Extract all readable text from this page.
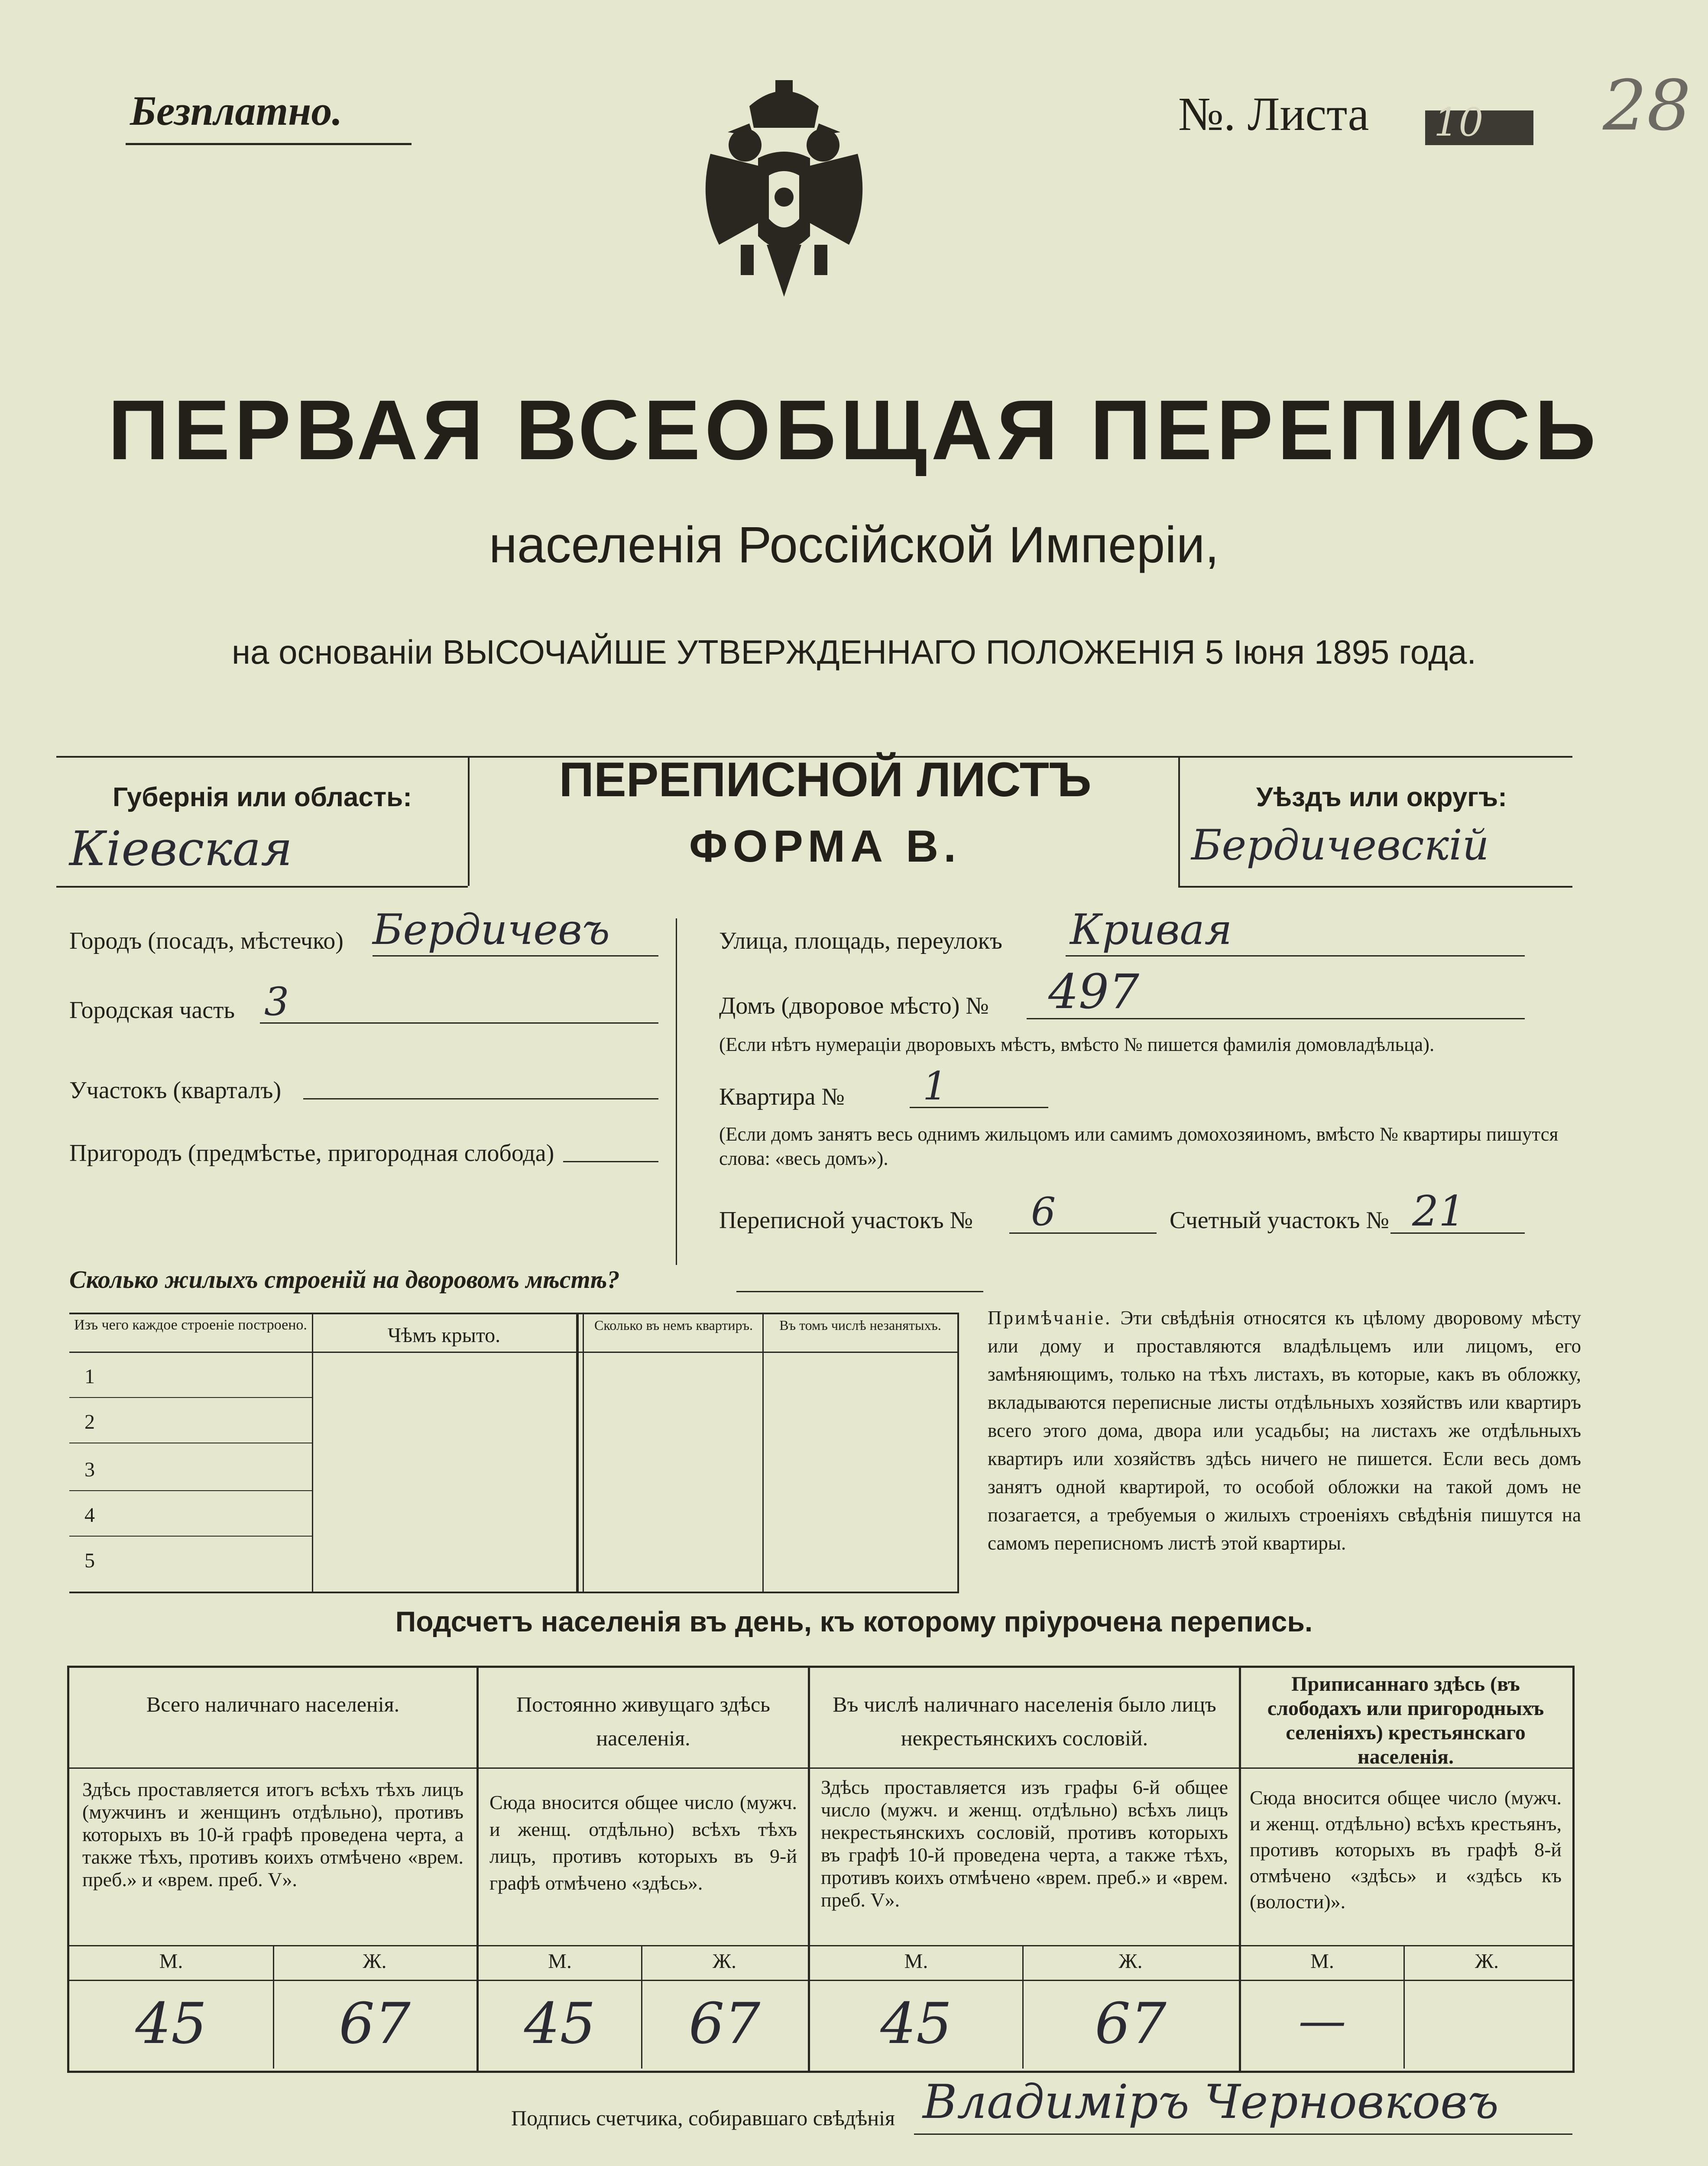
Безплатно.	№. Листа 10 28
ПЕРВАЯ ВСЕОБЩАЯ ПЕРЕПИСЬ
населенія Россійской Имперіи,
на основаніи ВЫСОЧАЙШЕ УТВЕРЖДЕННАГО ПОЛОЖЕНІЯ 5 Іюня 1895 года.
Губернія или область:
Кіевская
ПЕРЕПИСНОЙ ЛИСТЪ
ФОРМА В.
Уѣздъ или округъ:
Бердичевскій
Городъ (посадъ, мѣстечко) Бердичевъ
Городская часть 3
Участокъ (кварталъ)
Пригородъ (предмѣстье, пригородная слобода)
Улица, площадь, переулокъ Кривая
Домъ (дворовое мѣсто) № 497
(Если нѣтъ нумераціи дворовыхъ мѣстъ, вмѣсто № пишется фамилія домовладѣльца).
Квартира № 1
(Если домъ занятъ весь однимъ жильцомъ или самимъ домохозяиномъ, вмѣсто № квартиры пишутся слова: «весь домъ»).
Переписной участокъ № 6	Счетный участокъ № 21
Сколько жилыхъ строеній на дворовомъ мѣстѣ?
Изъ чего каждое строеніе построено.	Чѣмъ крыто.	Сколько въ немъ квартиръ.	Въ томъ числѣ незанятыхъ.
1
2
3
4
5
Примѣчаніе. Эти свѣдѣнія относятся къ цѣлому дворовому мѣсту или дому и проставляются владѣльцемъ или лицомъ, его замѣняющимъ, только на тѣхъ листахъ, въ которые, какъ въ обложку, вкладываются переписные листы отдѣльныхъ хозяйствъ или квартиръ всего этого дома, двора или усадьбы; на листахъ же отдѣльныхъ квартиръ или хозяйствъ здѣсь ничего не пишется. Если весь домъ занятъ одной квартирой, то особой обложки на такой домъ не позагается, а требуемыя о жилыхъ строеніяхъ свѣдѣнія пишутся на самомъ переписномъ листѣ этой квартиры.
Подсчетъ населенія въ день, къ которому пріурочена перепись.
Всего наличнаго населенія.
Здѣсь проставляется итогъ всѣхъ тѣхъ лицъ (мужчинъ и женщинъ отдѣльно), противъ которыхъ въ 10-й графѣ проведена черта, а также тѣхъ, противъ коихъ отмѣчено «врем. преб.» и «врем. преб. V».
М.	Ж.
45	67
Постоянно живущаго здѣсь населенія.
Сюда вносится общее число (мужч. и женщ. отдѣльно) всѣхъ тѣхъ лицъ, противъ которыхъ въ 9-й графѣ отмѣчено «здѣсь».
М.	Ж.
45	67
Въ числѣ наличнаго населенія было лицъ некрестьянскихъ сословій.
Здѣсь проставляется изъ графы 6-й общее число (мужч. и женщ. отдѣльно) всѣхъ лицъ некрестьянскихъ сословій, противъ которыхъ въ графѣ 10-й проведена черта, а также тѣхъ, противъ коихъ отмѣчено «врем. преб.» и «врем. преб. V».
М.	Ж.
45	67
Приписаннаго здѣсь (въ слободахъ или пригородныхъ селеніяхъ) крестьянскаго населенія.
Сюда вносится общее число (мужч. и женщ. отдѣльно) всѣхъ крестьянъ, противъ которыхъ въ графѣ 8-й отмѣчено «здѣсь» и «здѣсь къ (волости)».
М.	Ж.
—
Подпись счетчика, собиравшаго свѣдѣнія Владиміръ Черновковъ
